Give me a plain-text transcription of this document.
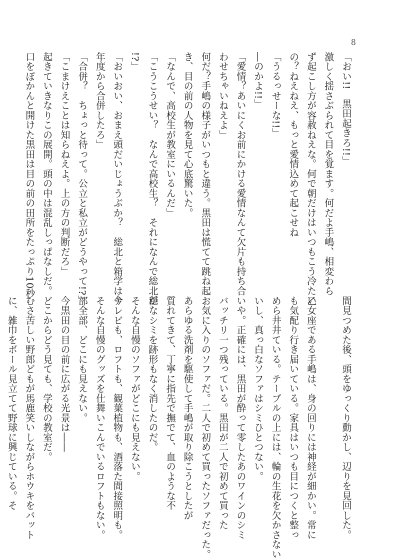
8

「おい!!　黒田起きろ!!」

激しく揺さぶられて目を覚ます。何だよ手嶋、相変わら

ず起こし方が容赦ねえな。何で朝だけはいつもこう冷たい

の？ねえねえ、もっと愛情込めて起こせね

「うるっせーな!!」

―のかよ!!」

「愛情？あいにくお前にかける愛情なんて欠片も持ち合

わせちゃいねえよ」

何だ？手嶋の様子がいつもと違う。黒田は慌てて跳ね起

き、目の前の人物を見て心底驚いた。

「なんで、高校生が教室にいるんだ」

「こうこうせい？　なんで高校生？　それになんで総北が

!?」

「おいおい、おまえ頭だいじょうぶか？　総北と箱学は今

年度から合併したろ」

「合併？　ちょっと待って。公立と私立がどうやって!?」

「こまけえことは知らねえよ。上の方の判断だろ」

起きていきなりこの展開。頭の中は混乱しっぱなしだ。

口をぽかんと開けた黒田は目の前の田所をたっぷり10秒

間見つめた後、頭をゆっくり動かし、辺りを見回した。

乙女座である手嶋は、身の回りには神経が細かい。常に

も気配り行き届いている。家具はいつも目につくと整っ

めら井井ている。テーブルの上には、輪の生花を欠かさない

いし、真っ白なソファはシミひとつない。

いや。正確には、黒田が酔って零したあのワインのシミ

バッチリ一つ残っている。黒田が二人で初めて買った

お気に入りのソファだ。二人で初めて買ったソファだった。

あらゆる洗剤を駆使して手嶋が取り除こうとしたが

質れてきて、丁寧に指先で撫でて、血のような不

穏なシミを跡形もなく消したのだ。

そんな自慢のソファがどこにも見えない。

テレビも、ロフトも、観葉植物も、酒落た間接照明も。

そんな自慢のグッズを仕舞いこんでいるロフトもない。

部全部、どこにも見えない。

今黒田の目の前に広がる光景は――

どこからどう見ても、学校の教室だ。

むさ苦しい野郎どもが馬鹿笑いしながらホウキをバット

に、雑巾をボール見立てて野球に興じている。そ
